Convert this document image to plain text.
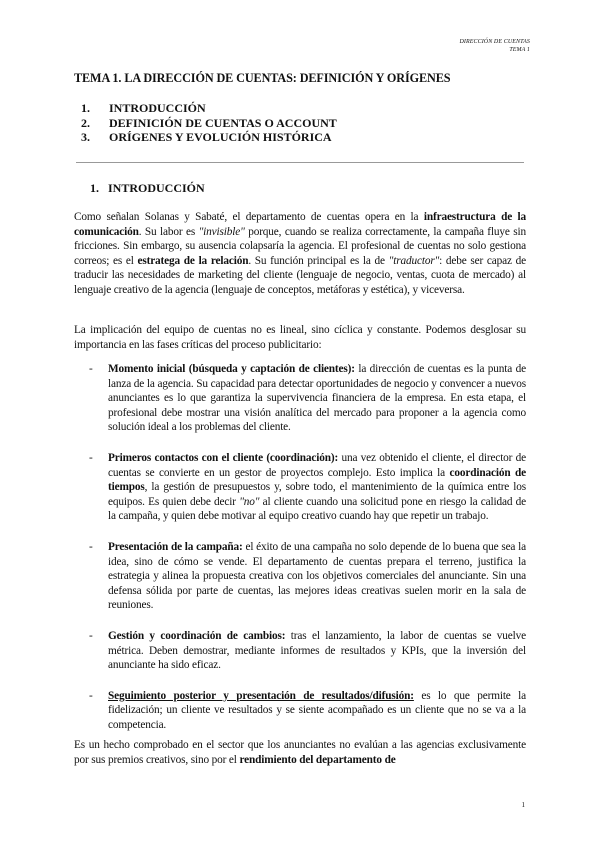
DIRECCIÓN DE CUENTAS
TEMA 1
TEMA 1. LA DIRECCIÓN DE CUENTAS: DEFINICIÓN Y ORÍGENES
1.	INTRODUCCIÓN
2.	DEFINICIÓN DE CUENTAS O ACCOUNT
3.	ORÍGENES Y EVOLUCIÓN HISTÓRICA
1. INTRODUCCIÓN
Como señalan Solanas y Sabaté, el departamento de cuentas opera en la infraestructura de la comunicación. Su labor es "invisible" porque, cuando se realiza correctamente, la campaña fluye sin fricciones. Sin embargo, su ausencia colapsaría la agencia. El profesional de cuentas no solo gestiona correos; es el estratega de la relación. Su función principal es la de "traductor": debe ser capaz de traducir las necesidades de marketing del cliente (lenguaje de negocio, ventas, cuota de mercado) al lenguaje creativo de la agencia (lenguaje de conceptos, metáforas y estética), y viceversa.
La implicación del equipo de cuentas no es lineal, sino cíclica y constante. Podemos desglosar su importancia en las fases críticas del proceso publicitario:
- Momento inicial (búsqueda y captación de clientes): la dirección de cuentas es la punta de lanza de la agencia. Su capacidad para detectar oportunidades de negocio y convencer a nuevos anunciantes es lo que garantiza la supervivencia financiera de la empresa. En esta etapa, el profesional debe mostrar una visión analítica del mercado para proponer a la agencia como solución ideal a los problemas del cliente.
- Primeros contactos con el cliente (coordinación): una vez obtenido el cliente, el director de cuentas se convierte en un gestor de proyectos complejo. Esto implica la coordinación de tiempos, la gestión de presupuestos y, sobre todo, el mantenimiento de la química entre los equipos. Es quien debe decir "no" al cliente cuando una solicitud pone en riesgo la calidad de la campaña, y quien debe motivar al equipo creativo cuando hay que repetir un trabajo.
- Presentación de la campaña: el éxito de una campaña no solo depende de lo buena que sea la idea, sino de cómo se vende. El departamento de cuentas prepara el terreno, justifica la estrategia y alinea la propuesta creativa con los objetivos comerciales del anunciante. Sin una defensa sólida por parte de cuentas, las mejores ideas creativas suelen morir en la sala de reuniones.
- Gestión y coordinación de cambios: tras el lanzamiento, la labor de cuentas se vuelve métrica. Deben demostrar, mediante informes de resultados y KPIs, que la inversión del anunciante ha sido eficaz.
- Seguimiento posterior y presentación de resultados/difusión: es lo que permite la fidelización; un cliente ve resultados y se siente acompañado es un cliente que no se va a la competencia.
Es un hecho comprobado en el sector que los anunciantes no evalúan a las agencias exclusivamente por sus premios creativos, sino por el rendimiento del departamento de
1
